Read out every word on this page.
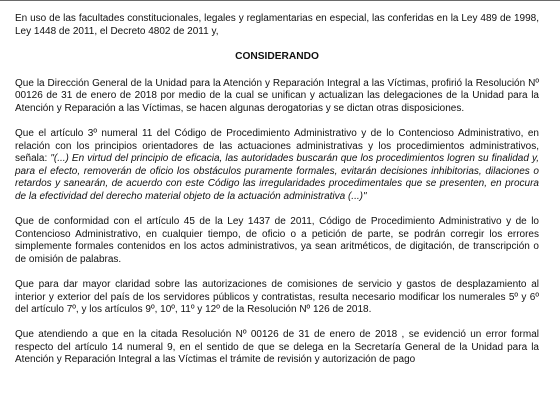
En uso de las facultades constitucionales, legales y reglamentarias en especial, las conferidas en la Ley 489 de 1998, Ley 1448 de 2011, el Decreto 4802 de 2011 y,

CONSIDERANDO

Que la Dirección General de la Unidad para la Atención y Reparación Integral a las Víctimas, profirió la Resolución Nº 00126 de 31 de enero de 2018 por medio de la cual se unifican y actualizan las delegaciones de la Unidad para la Atención y Reparación a las Víctimas, se hacen algunas derogatorias y se dictan otras disposiciones.

Que el artículo 3º numeral 11 del Código de Procedimiento Administrativo y de lo Contencioso Administrativo, en relación con los principios orientadores de las actuaciones administrativas y los procedimientos administrativos, señala: "(...) En virtud del principio de eficacia, las autoridades buscarán que los procedimientos logren su finalidad y, para el efecto, removerán de oficio los obstáculos puramente formales, evitarán decisiones inhibitorias, dilaciones o retardos y sanearán, de acuerdo con este Código las irregularidades procedimentales que se presenten, en procura de la efectividad del derecho material objeto de la actuación administrativa (...)"

Que de conformidad con el artículo 45 de la Ley 1437 de 2011, Código de Procedimiento Administrativo y de lo Contencioso Administrativo, en cualquier tiempo, de oficio o a petición de parte, se podrán corregir los errores simplemente formales contenidos en los actos administrativos, ya sean aritméticos, de digitación, de transcripción o de omisión de palabras.

Que para dar mayor claridad sobre las autorizaciones de comisiones de servicio y gastos de desplazamiento al interior y exterior del país de los servidores públicos y contratistas, resulta necesario modificar los numerales 5º y 6º del artículo 7º, y los artículos 9º, 10º, 11º y 12º de la Resolución Nº 126 de 2018.

Que atendiendo a que en la citada Resolución Nº 00126 de 31 de enero de 2018 , se evidenció un error formal respecto del artículo 14 numeral 9, en el sentido de que se delega en la Secretaría General de la Unidad para la Atención y Reparación Integral a las Víctimas el trámite de revisión y autorización de pago
